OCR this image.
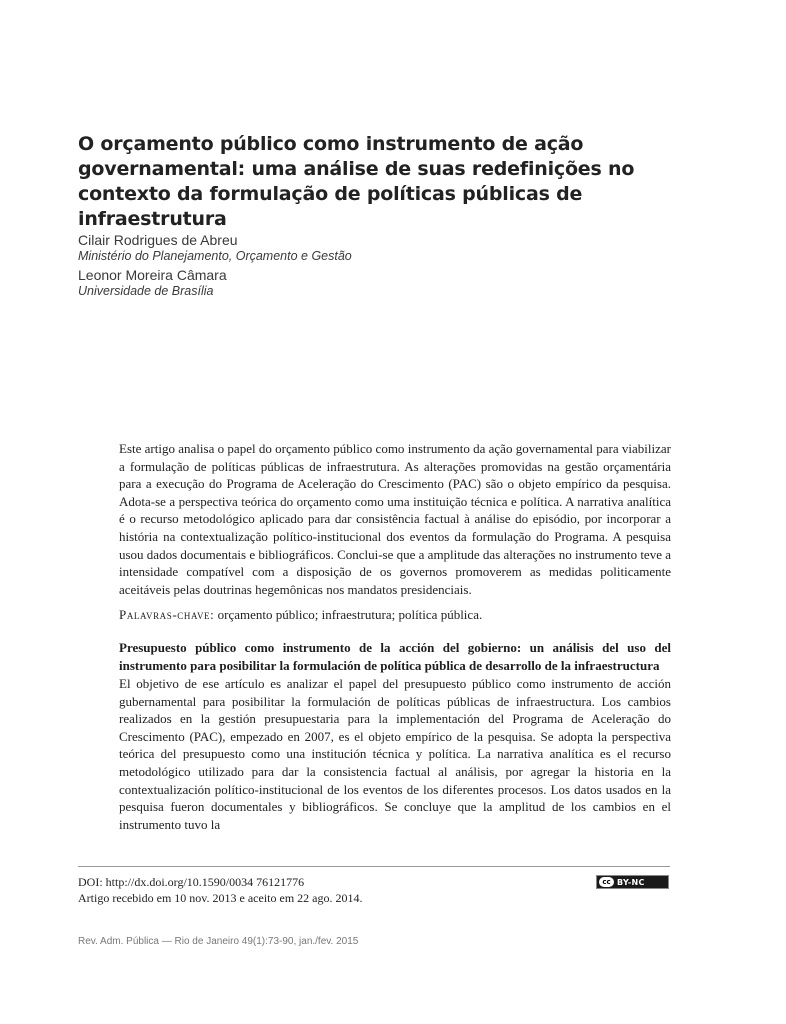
O orçamento público como instrumento de ação governamental: uma análise de suas redefinições no contexto da formulação de políticas públicas de infraestrutura
Cilair Rodrigues de Abreu
Ministério do Planejamento, Orçamento e Gestão
Leonor Moreira Câmara
Universidade de Brasília
Este artigo analisa o papel do orçamento público como instrumento da ação governamental para viabilizar a formulação de políticas públicas de infraestrutura. As alterações promovidas na gestão orçamentária para a execução do Programa de Aceleração do Crescimento (PAC) são o objeto empírico da pesquisa. Adota-se a perspectiva teórica do orçamento como uma instituição técnica e política. A narrativa analítica é o recurso metodológico aplicado para dar consistência factual à análise do episódio, por incorporar a história na contextualização político-institucional dos eventos da formulação do Programa. A pesquisa usou dados documentais e bibliográficos. Conclui-se que a amplitude das alterações no instrumento teve a intensidade compatível com a disposição de os governos promoverem as medidas politicamente aceitáveis pelas doutrinas hegemônicas nos mandatos presidenciais.
Palavras-chave: orçamento público; infraestrutura; política pública.
Presupuesto público como instrumento de la acción del gobierno: un análisis del uso del instrumento para posibilitar la formulación de política pública de desarrollo de la infraestructura
El objetivo de ese artículo es analizar el papel del presupuesto público como instrumento de acción gubernamental para posibilitar la formulación de políticas públicas de infraestructura. Los cambios realizados en la gestión presupuestaria para la implementación del Programa de Aceleração do Crescimento (PAC), empezado en 2007, es el objeto empírico de la pesquisa. Se adopta la perspectiva teórica del presupuesto como una institución técnica y política. La narrativa analítica es el recurso metodológico utilizado para dar la consistencia factual al análisis, por agregar la historia en la contextualización político-institucional de los eventos de los diferentes procesos. Los datos usados en la pesquisa fueron documentales y bibliográficos. Se concluye que la amplitud de los cambios en el instrumento tuvo la
DOI: http://dx.doi.org/10.1590/0034 76121776
Artigo recebido em 10 nov. 2013 e aceito em 22 ago. 2014.
cc BY-NC
Rev. Adm. Pública — Rio de Janeiro 49(1):73-90, jan./fev. 2015
